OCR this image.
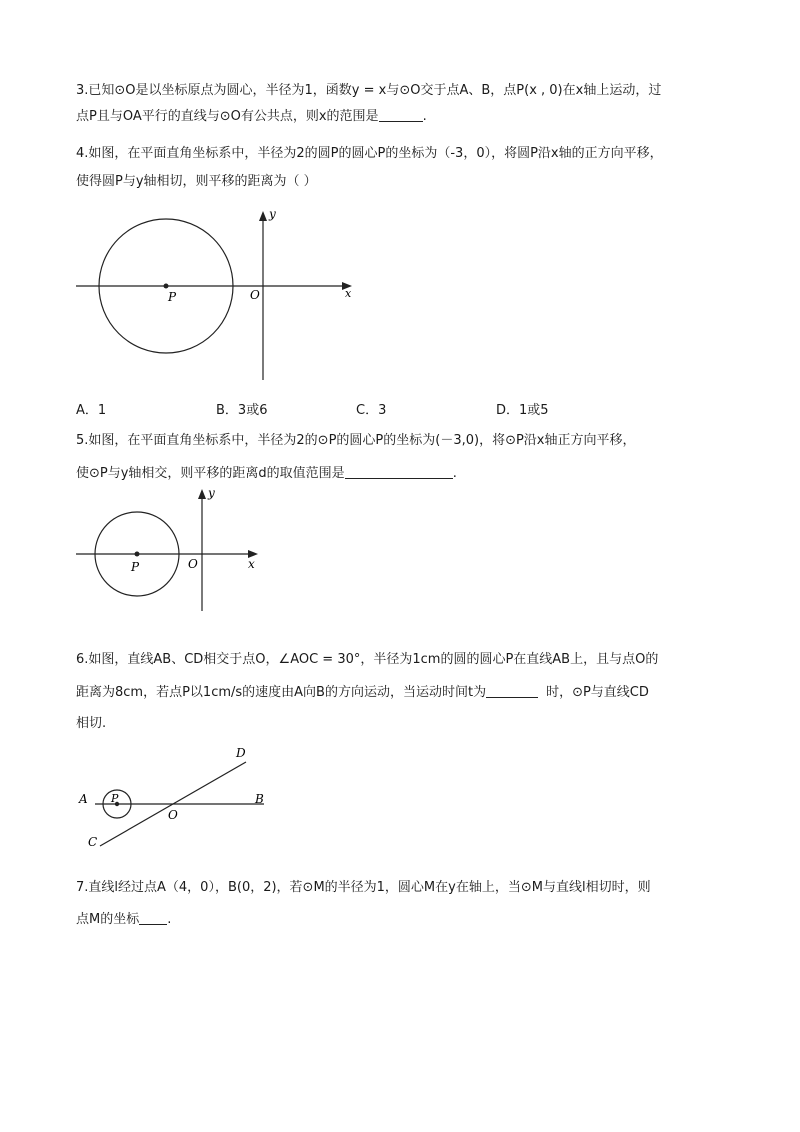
3.已知⊙O是以坐标原点为圆心，半径为1，函数y = x与⊙O交于点A、B，点P(x , 0)在x轴上运动，过
点P且与OA平行的直线与⊙O有公共点，则x的范围是	.
4.如图，在平面直角坐标系中，半径为2的圆P的圆心P的坐标为（-3，0），将圆P沿x轴的正方向平移，
使得圆P与y轴相切，则平移的距离为（ ）
y
x
P	O
A．1	B．3或6	C．3	D．1或5
5.如图，在平面直角坐标系中，半径为2的⊙P的圆心P的坐标为(－3,0)，将⊙P沿x轴正方向平移，
使⊙P与y轴相交，则平移的距离d的取值范围是	.
y
x
P	O
6.如图，直线AB、CD相交于点O，∠AOC = 30°，半径为1cm的圆的圆心P在直线AB上，且与点O的
距离为8cm，若点P以1cm/s的速度由A向B的方向运动，当运动时间t为	时，⊙P与直线CD
相切.
A	B
C
D
P
O
7.直线l经过点A（4，0），B(0，2)，若⊙M的半径为1，圆心M在y在轴上，当⊙M与直线l相切时，则
点M的坐标 .
